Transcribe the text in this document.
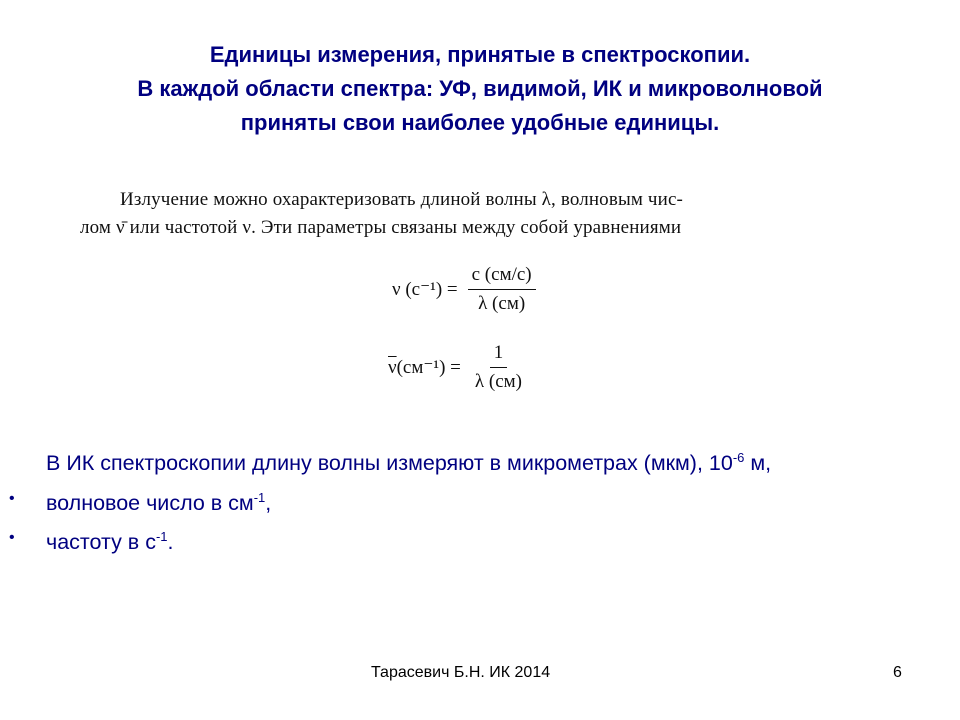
Единицы измерения, принятые в спектроскопии.
В каждой области спектра: УФ, видимой, ИК и микроволновой
приняты свои наиболее удобные единицы.
Излучение можно охарактеризовать длиной волны λ, волновым чис-
лом ν̄ или частотой ν. Эти параметры связаны между собой уравнениями
ν $(с^{-1}) = \frac{c (см/с)}{\lambda (см)}$
$\overline{\nu}(см^{-1}) = \frac{1}{\lambda (см)}$
В ИК спектроскопии длину волны измеряют в микрометрах (мкм), $10^{-6}$ м,
• волновое число в $см^{-1}$,
• частоту в $с^{-1}$.
Тарасевич Б.Н. ИК 2014	6
